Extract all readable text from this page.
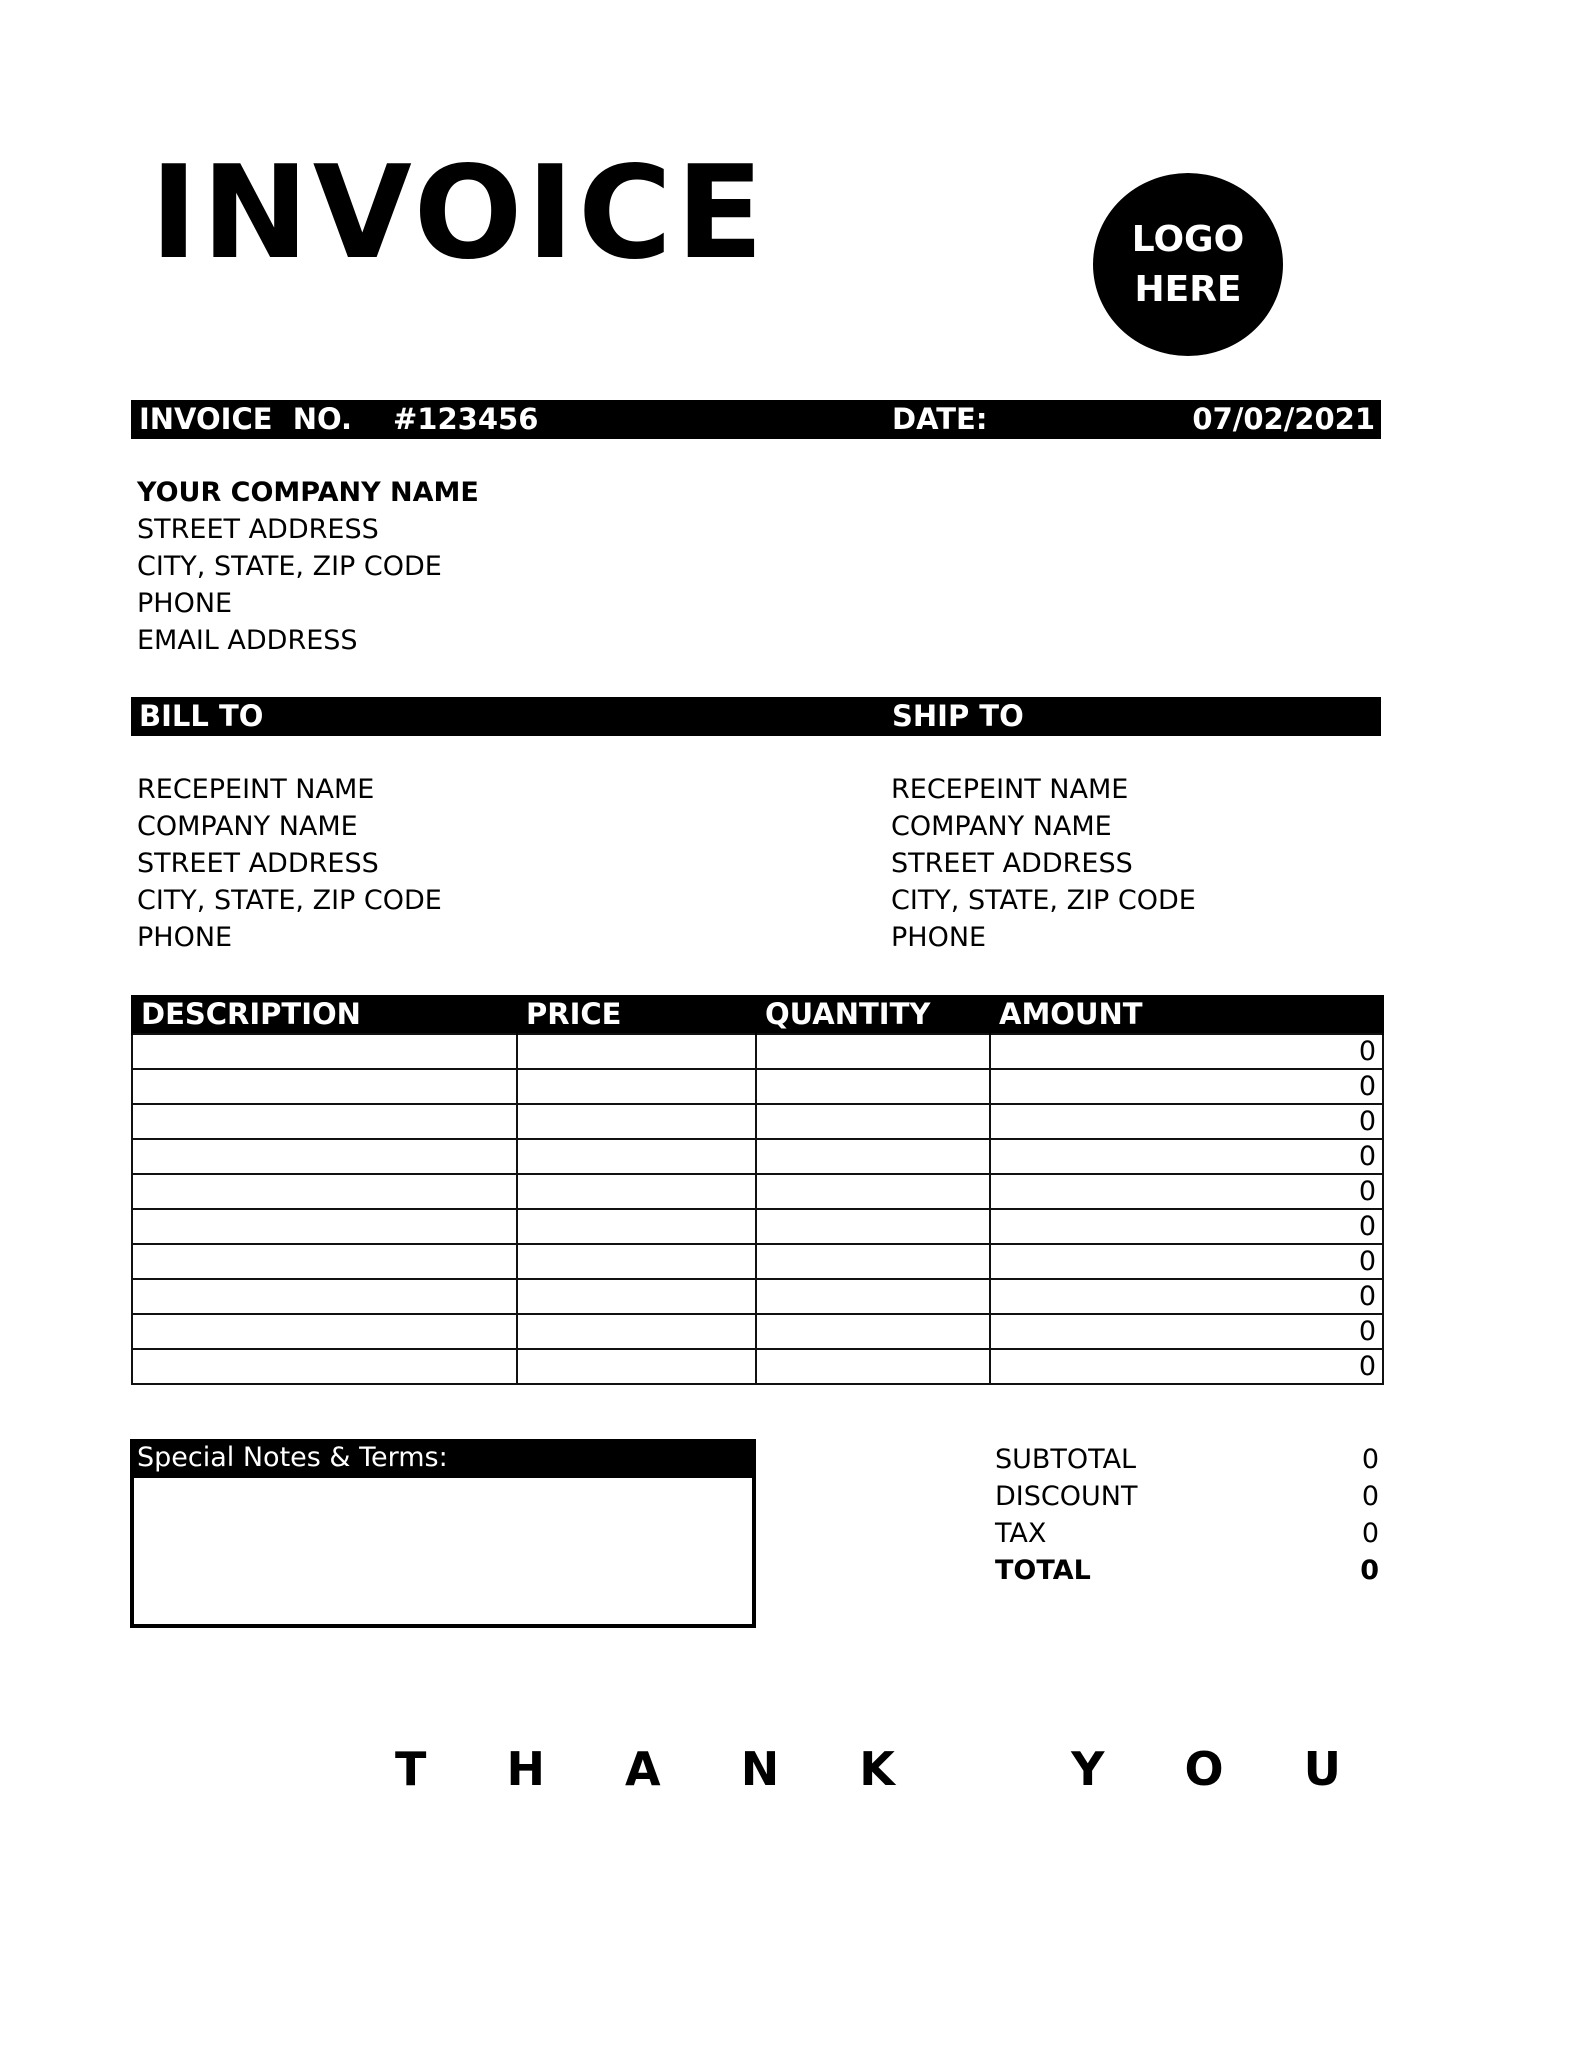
INVOICE	LOGO
HERE
INVOICE  NO. #123456	DATE:	07/02/2021
YOUR COMPANY NAME
STREET ADDRESS
CITY, STATE, ZIP CODE
PHONE
EMAIL ADDRESS
BILL TO	SHIP TO
RECEPEINT NAME
COMPANY NAME
STREET ADDRESS
CITY, STATE, ZIP CODE
PHONE
RECEPEINT NAME
COMPANY NAME
STREET ADDRESS
CITY, STATE, ZIP CODE
PHONE
DESCRIPTION	PRICE	QUANTITY	AMOUNT
			0
			0
			0
			0
			0
			0
			0
			0
			0
			0
Special Notes & Terms:	SUBTOTAL	0
DISCOUNT	0
TAX	0
TOTAL	0
T     H     A     N     K           Y     O     U
